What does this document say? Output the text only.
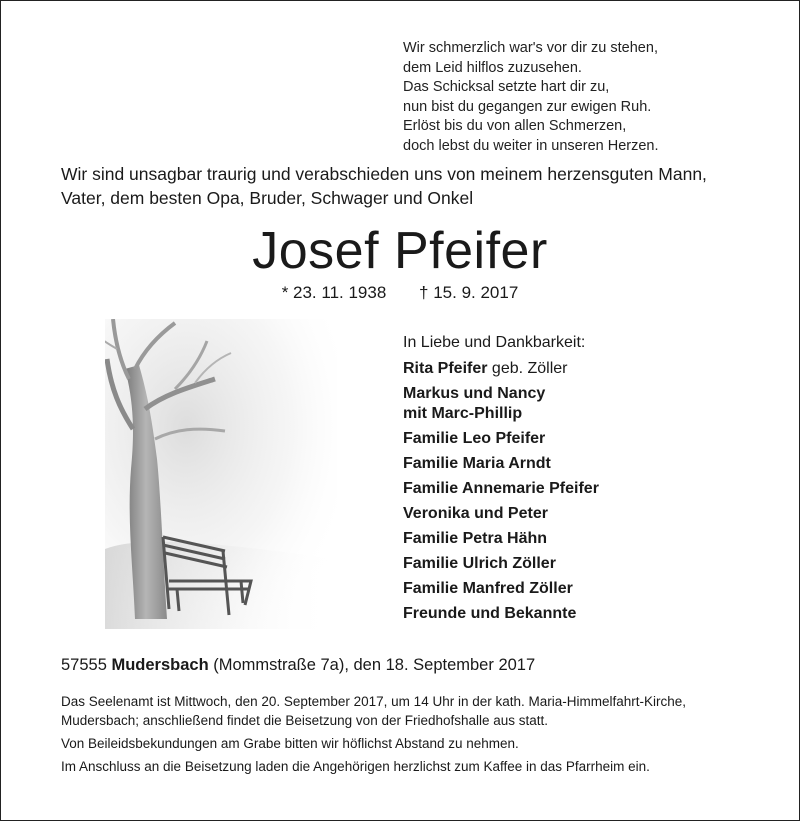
Wir schmerzlich war's vor dir zu stehen,
dem Leid hilflos zuzusehen.
Das Schicksal setzte hart dir zu,
nun bist du gegangen zur ewigen Ruh.
Erlöst bis du von allen Schmerzen,
doch lebst du weiter in unseren Herzen.
Wir sind unsagbar traurig und verabschieden uns von meinem herzensguten Mann,
Vater, dem besten Opa, Bruder, Schwager und Onkel
Josef Pfeifer
* 23. 11. 1938 † 15. 9. 2017
In Liebe und Dankbarkeit:
Rita Pfeifer geb. Zöller
Markus und Nancy
mit Marc-Phillip
Familie Leo Pfeifer
Familie Maria Arndt
Familie Annemarie Pfeifer
Veronika und Peter
Familie Petra Hähn
Familie Ulrich Zöller
Familie Manfred Zöller
Freunde und Bekannte
57555 Mudersbach (Mommstraße 7a), den 18. September 2017

Das Seelenamt ist Mittwoch, den 20. September 2017, um 14 Uhr in der kath. Maria-Himmelfahrt-Kirche, Mudersbach; anschließend findet die Beisetzung von der Friedhofshalle aus statt.

Von Beileidsbekundungen am Grabe bitten wir höflichst Abstand zu nehmen.

Im Anschluss an die Beisetzung laden die Angehörigen herzlichst zum Kaffee in das Pfarrheim ein.
